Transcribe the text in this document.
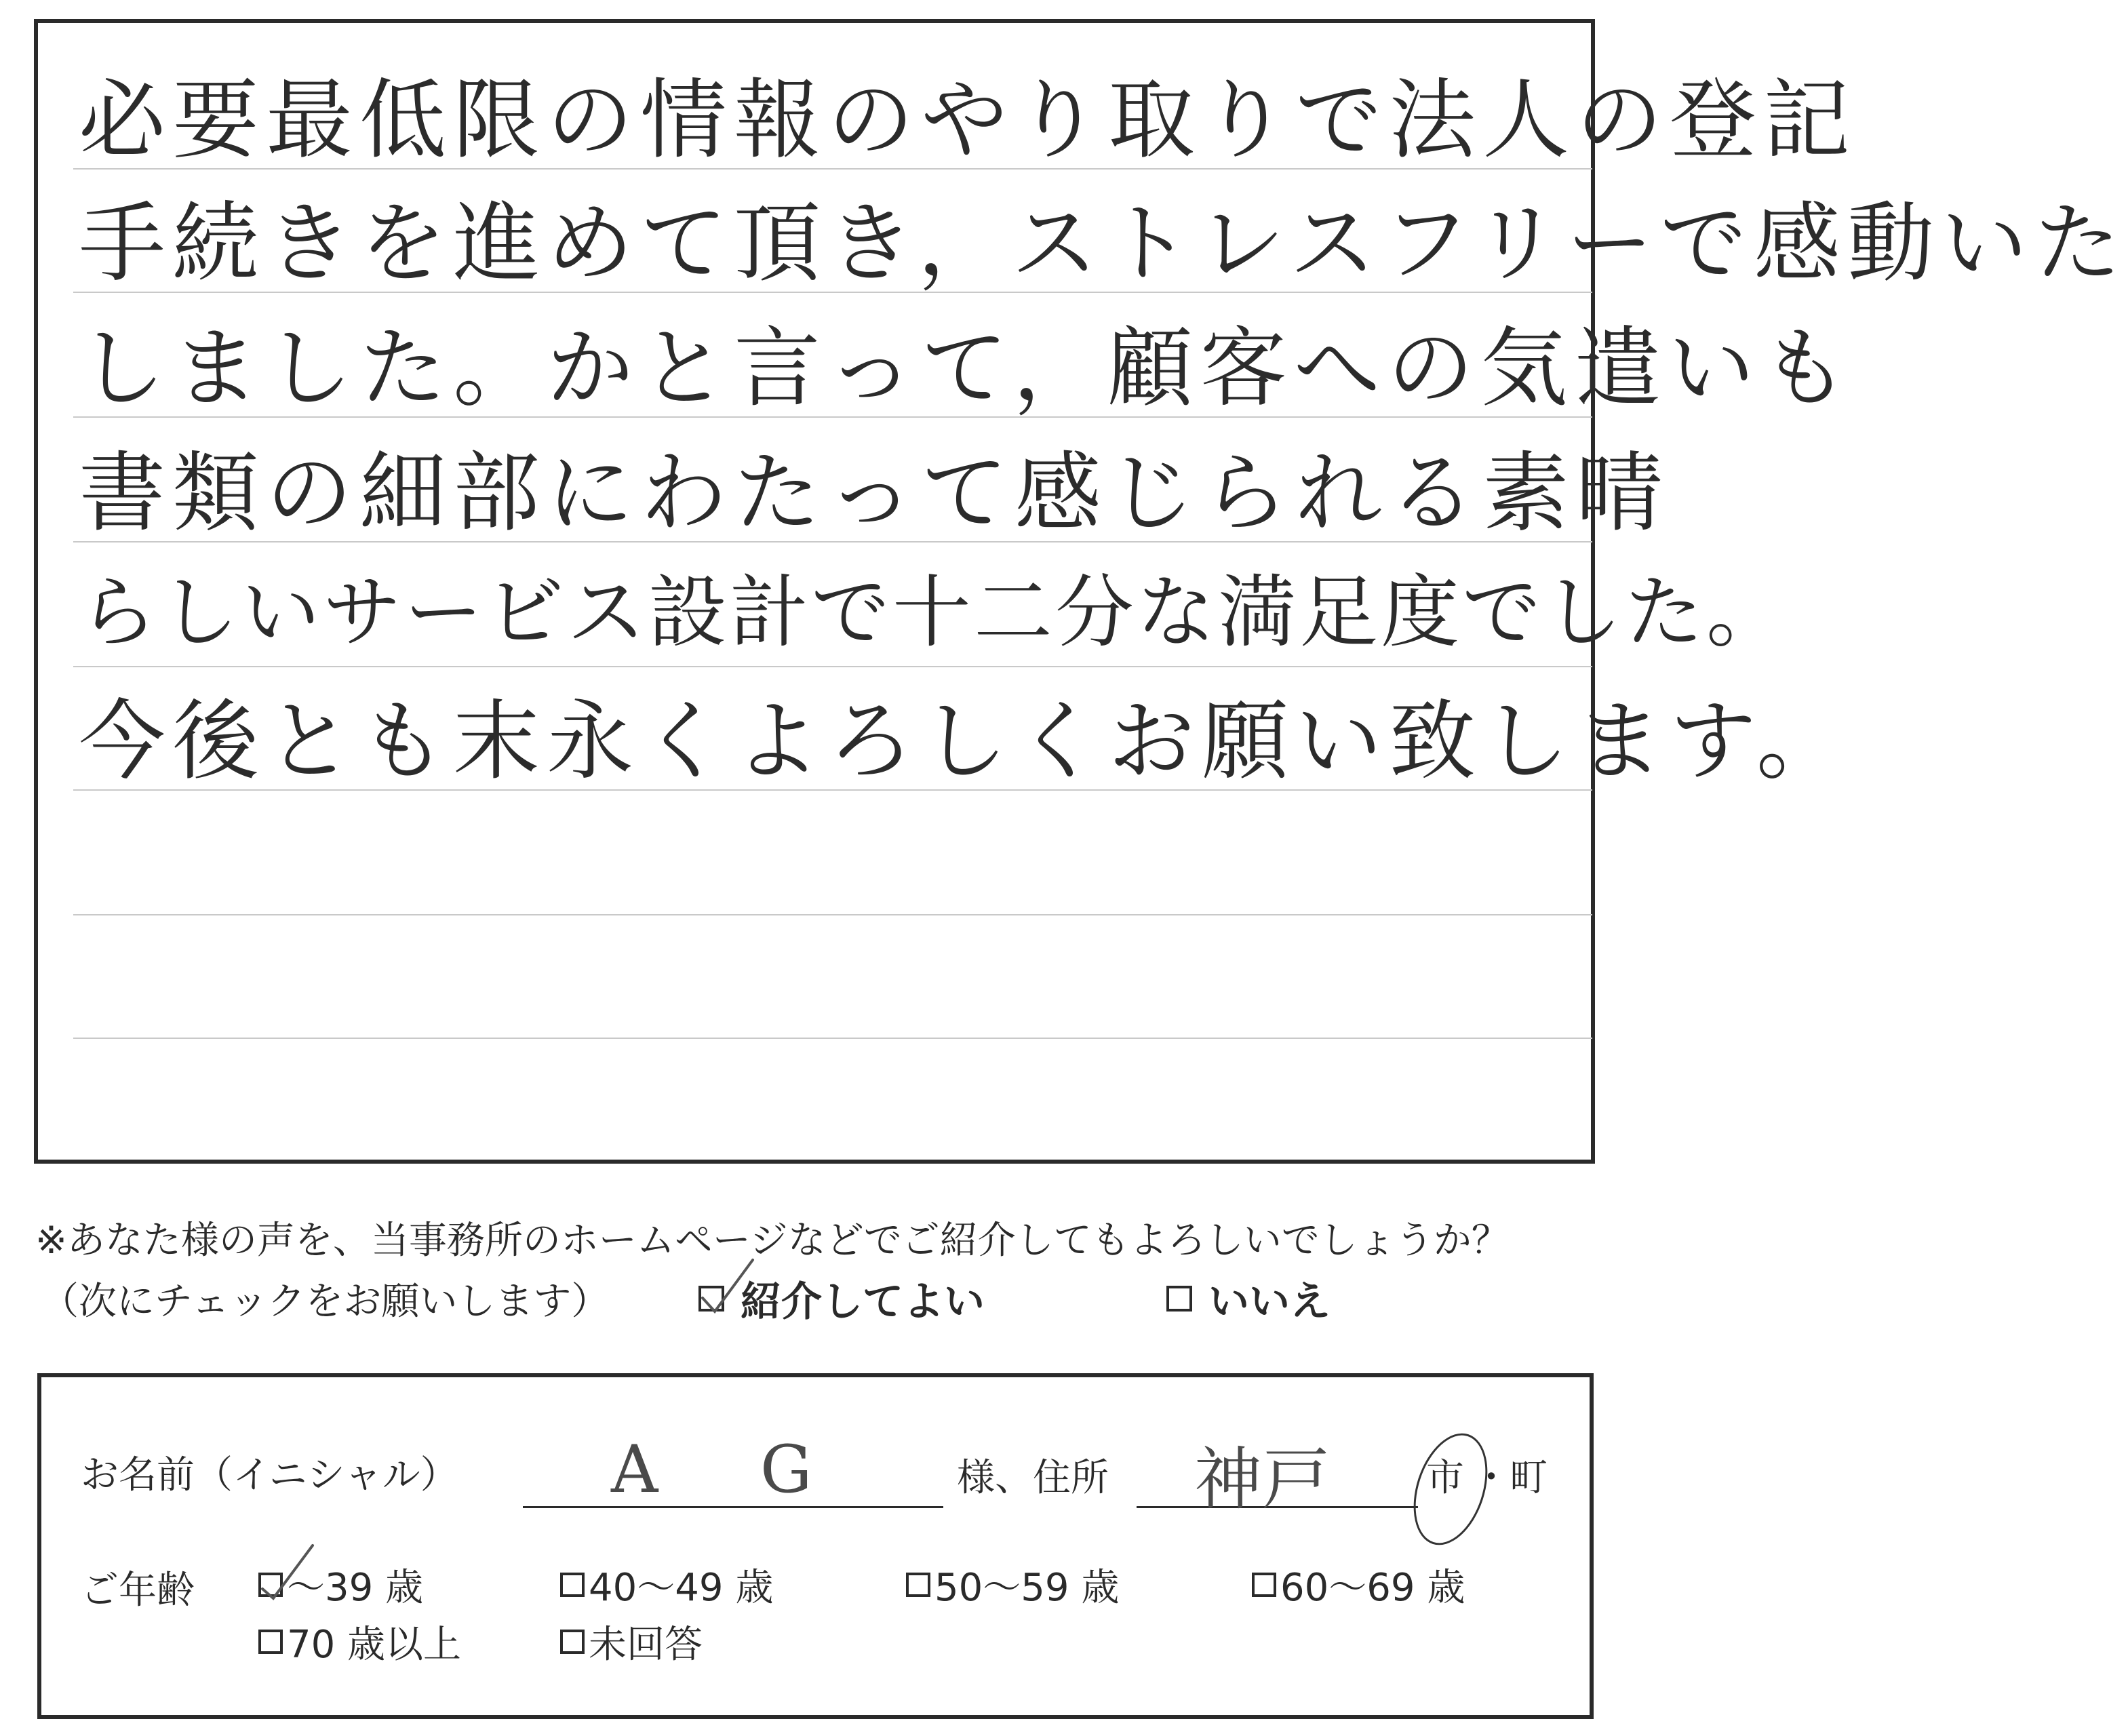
必要最低限の情報のやり取りで法人の登記
手続きを進めて頂き，ストレスフリーで感動いた
しました。かと言って，顧客への気遣いも
書類の細部にわたって感じられる素晴
らしいサービス設計で十二分な満足度でした。
今後とも末永くよろしくお願い致します。
※あなた様の声を、当事務所のホームページなどでご紹介してもよろしいでしょうか？
（次にチェックをお願いします）	紹介してよい	いいえ
お名前（イニシャル） A G	様、住所 神戸	市 ・ 町
ご年齢 〜39 歳	40〜49 歳	50〜59 歳	60〜69 歳
70 歳以上	未回答
